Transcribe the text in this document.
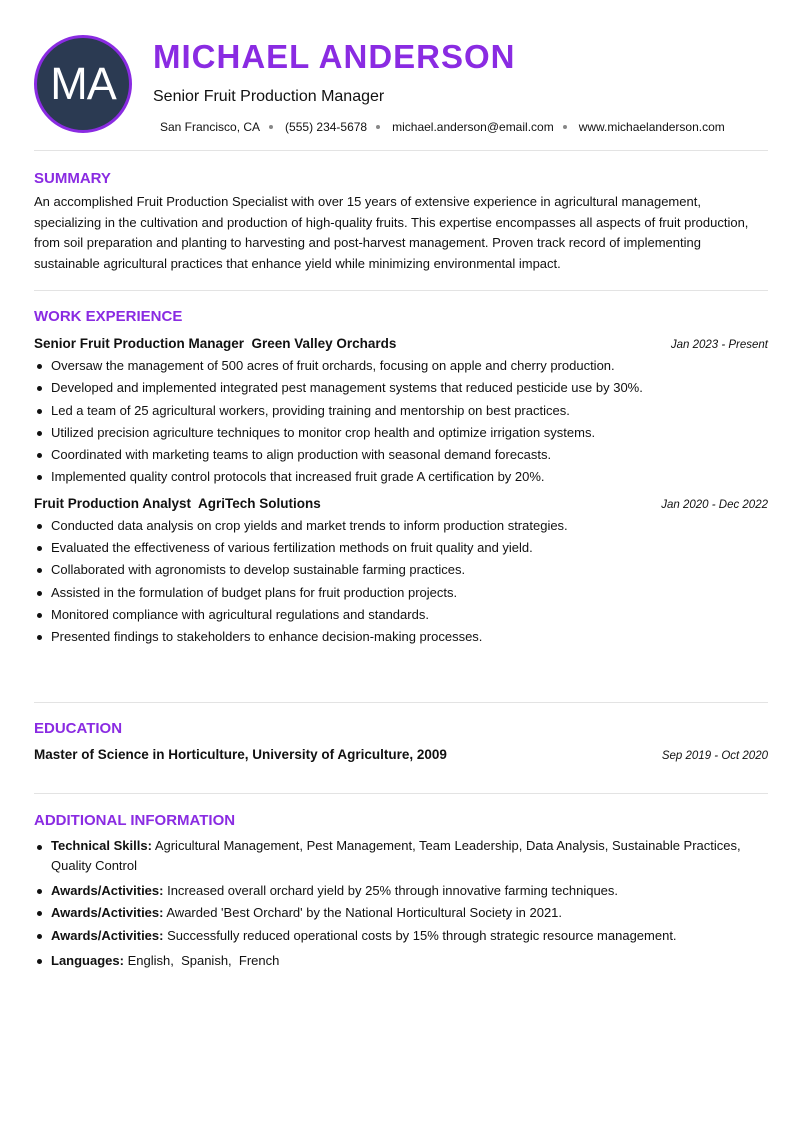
MA
MICHAEL ANDERSON
Senior Fruit Production Manager
San Francisco, CA (555) 234-5678 michael.anderson@email.com www.michaelanderson.com
SUMMARY

An accomplished Fruit Production Specialist with over 15 years of extensive experience in agricultural management, specializing in the cultivation and production of high-quality fruits. This expertise encompasses all aspects of fruit production, from soil preparation and planting to harvesting and post-harvest management. Proven track record of implementing sustainable agricultural practices that enhance yield while minimizing environmental impact.

WORK EXPERIENCE
Senior Fruit Production Manager Green Valley Orchards	Jan 2023 - Present
Oversaw the management of 500 acres of fruit orchards, focusing on apple and cherry production.
Developed and implemented integrated pest management systems that reduced pesticide use by 30%.
Led a team of 25 agricultural workers, providing training and mentorship on best practices.
Utilized precision agriculture techniques to monitor crop health and optimize irrigation systems.
Coordinated with marketing teams to align production with seasonal demand forecasts.
Implemented quality control protocols that increased fruit grade A certification by 20%.
Fruit Production Analyst AgriTech Solutions	Jan 2020 - Dec 2022
Conducted data analysis on crop yields and market trends to inform production strategies.
Evaluated the effectiveness of various fertilization methods on fruit quality and yield.
Collaborated with agronomists to develop sustainable farming practices.
Assisted in the formulation of budget plans for fruit production projects.
Monitored compliance with agricultural regulations and standards.
Presented findings to stakeholders to enhance decision-making processes.
EDUCATION
Master of Science in Horticulture, University of Agriculture, 2009	Sep 2019 - Oct 2020
ADDITIONAL INFORMATION
Technical Skills: Agricultural Management, Pest Management, Team Leadership, Data Analysis, Sustainable Practices, Quality Control
Awards/Activities: Increased overall orchard yield by 25% through innovative farming techniques.
Awards/Activities: Awarded 'Best Orchard' by the National Horticultural Society in 2021.
Awards/Activities: Successfully reduced operational costs by 15% through strategic resource management.
Languages: English,  Spanish,  French
